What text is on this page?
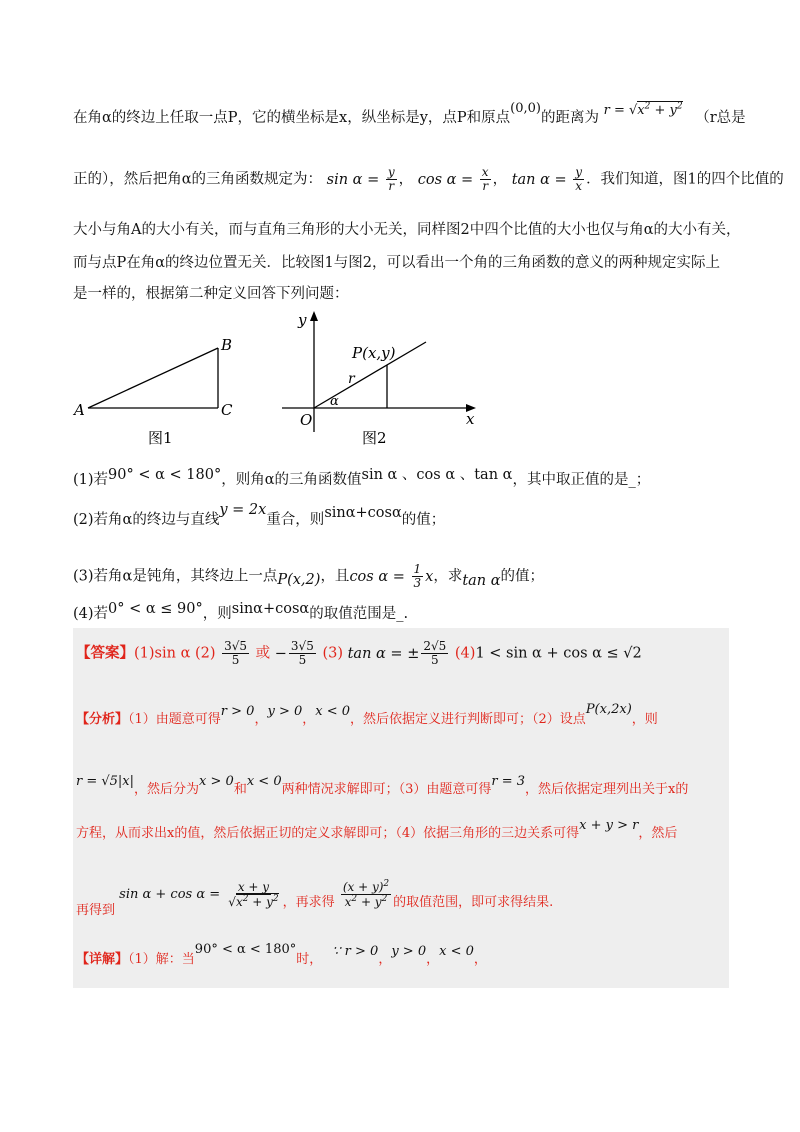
在角α的终边上任取一点P，它的横坐标是x，纵坐标是y，点P和原点(0,0)的距离为 $r = √x^2 + y^2$ （r总是
正的），然后把角α的三角函数规定为： $\sin \alpha = \frac{y}{r}$ ， $\cos \alpha = \frac{x}{r}$ ， $\tan \alpha = \frac{y}{x}$ ．我们知道，图1的四个比值的
大小与角A的大小有关，而与直角三角形的大小无关，同样图2中四个比值的大小也仅与角α的大小有关，
而与点P在角α的终边位置无关．比较图1与图2，可以看出一个角的三角函数的意义的两种规定实际上
是一样的，根据第二种定义回答下列问题：
A
B
C
图1
y
x
O
P(x,y)
r
α
图2
(1)若90° < α < 180°，则角α的三角函数值sin α 、cos α 、tan α，其中取正值的是_；
(2)若角α的终边与直线y = 2x重合，则sinα+cosα的值；
(3)若角α是钝角，其终边上一点P(x,2)，且$\cos \alpha = \frac{1}{3}$ x，求tan α的值；
(4)若0° < α ≤ 90°，则sinα+cosα的取值范围是_.
【答案】(1)sin α $(2) \frac{3√5}{5}$ 或 − $\frac{3√5}{5} (3)$ tan α = ± $\frac{2√5}{5} (4)1 < \sin \alpha + \cos \alpha \le √2$
【分析】（1）由题意可得r > 0，y > 0，x < 0，然后依据定义进行判断即可；（2）设点P(x,2x)，则
r = √5|x|，然后分为x > 0和x < 0两种情况求解即可；（3）由题意可得r = 3，然后依据定理列出关于x的
方程，从而求出x的值，然后依据正切的定义求解即可；（4）依据三角形的三边关系可得x + y > r，然后
再得到 $\sin \alpha + \cos \alpha = \frac{x + y}{√x^2 + y^2}$ ，再求得 $\frac{(x + y)^2}{x^2 + y^2}$ 的取值范围，即可求得结果.
【详解】（1）解：当90° < α < 180°时，∵ r > 0，y > 0，x < 0，
